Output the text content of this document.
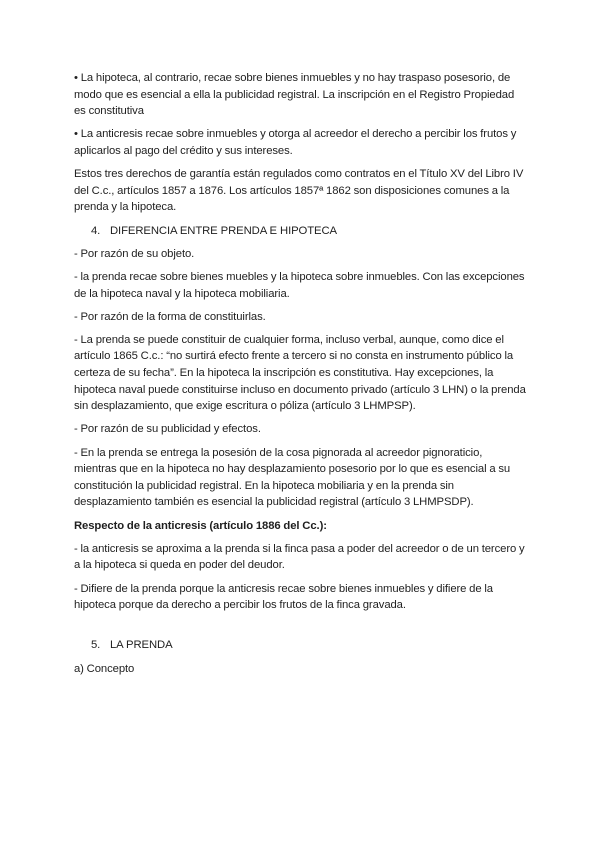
• La hipoteca, al contrario, recae sobre bienes inmuebles y no hay traspaso posesorio, de modo que es esencial a ella la publicidad registral. La inscripción en el Registro Propiedad es constitutiva

• La anticresis recae sobre inmuebles y otorga al acreedor el derecho a percibir los frutos y aplicarlos al pago del crédito y sus intereses.

Estos tres derechos de garantía están regulados como contratos en el Título XV del Libro IV del C.c., artículos 1857 a 1876. Los artículos 1857ª 1862 son disposiciones comunes a la prenda y la hipoteca.

4. DIFERENCIA ENTRE PRENDA E HIPOTECA

- Por razón de su objeto.

- la prenda recae sobre bienes muebles y la hipoteca sobre inmuebles. Con las excepciones de la hipoteca naval y la hipoteca mobiliaria.

- Por razón de la forma de constituirlas.

- La prenda se puede constituir de cualquier forma, incluso verbal, aunque, como dice el artículo 1865 C.c.: “no surtirá efecto frente a tercero si no consta en instrumento público la certeza de su fecha”. En la hipoteca la inscripción es constitutiva. Hay excepciones, la hipoteca naval puede constituirse incluso en documento privado (artículo 3 LHN) o la prenda sin desplazamiento, que exige escritura o póliza (artículo 3 LHMPSP).

- Por razón de su publicidad y efectos.

- En la prenda se entrega la posesión de la cosa pignorada al acreedor pignoraticio, mientras que en la hipoteca no hay desplazamiento posesorio por lo que es esencial a su constitución la publicidad registral. En la hipoteca mobiliaria y en la prenda sin desplazamiento también es esencial la publicidad registral (artículo 3 LHMPSDP).

Respecto de la anticresis (artículo 1886 del Cc.):

- la anticresis se aproxima a la prenda si la finca pasa a poder del acreedor o de un tercero y a la hipoteca si queda en poder del deudor.

- Difiere de la prenda porque la anticresis recae sobre bienes inmuebles y difiere de la hipoteca porque da derecho a percibir los frutos de la finca gravada.

5. LA PRENDA

a) Concepto
